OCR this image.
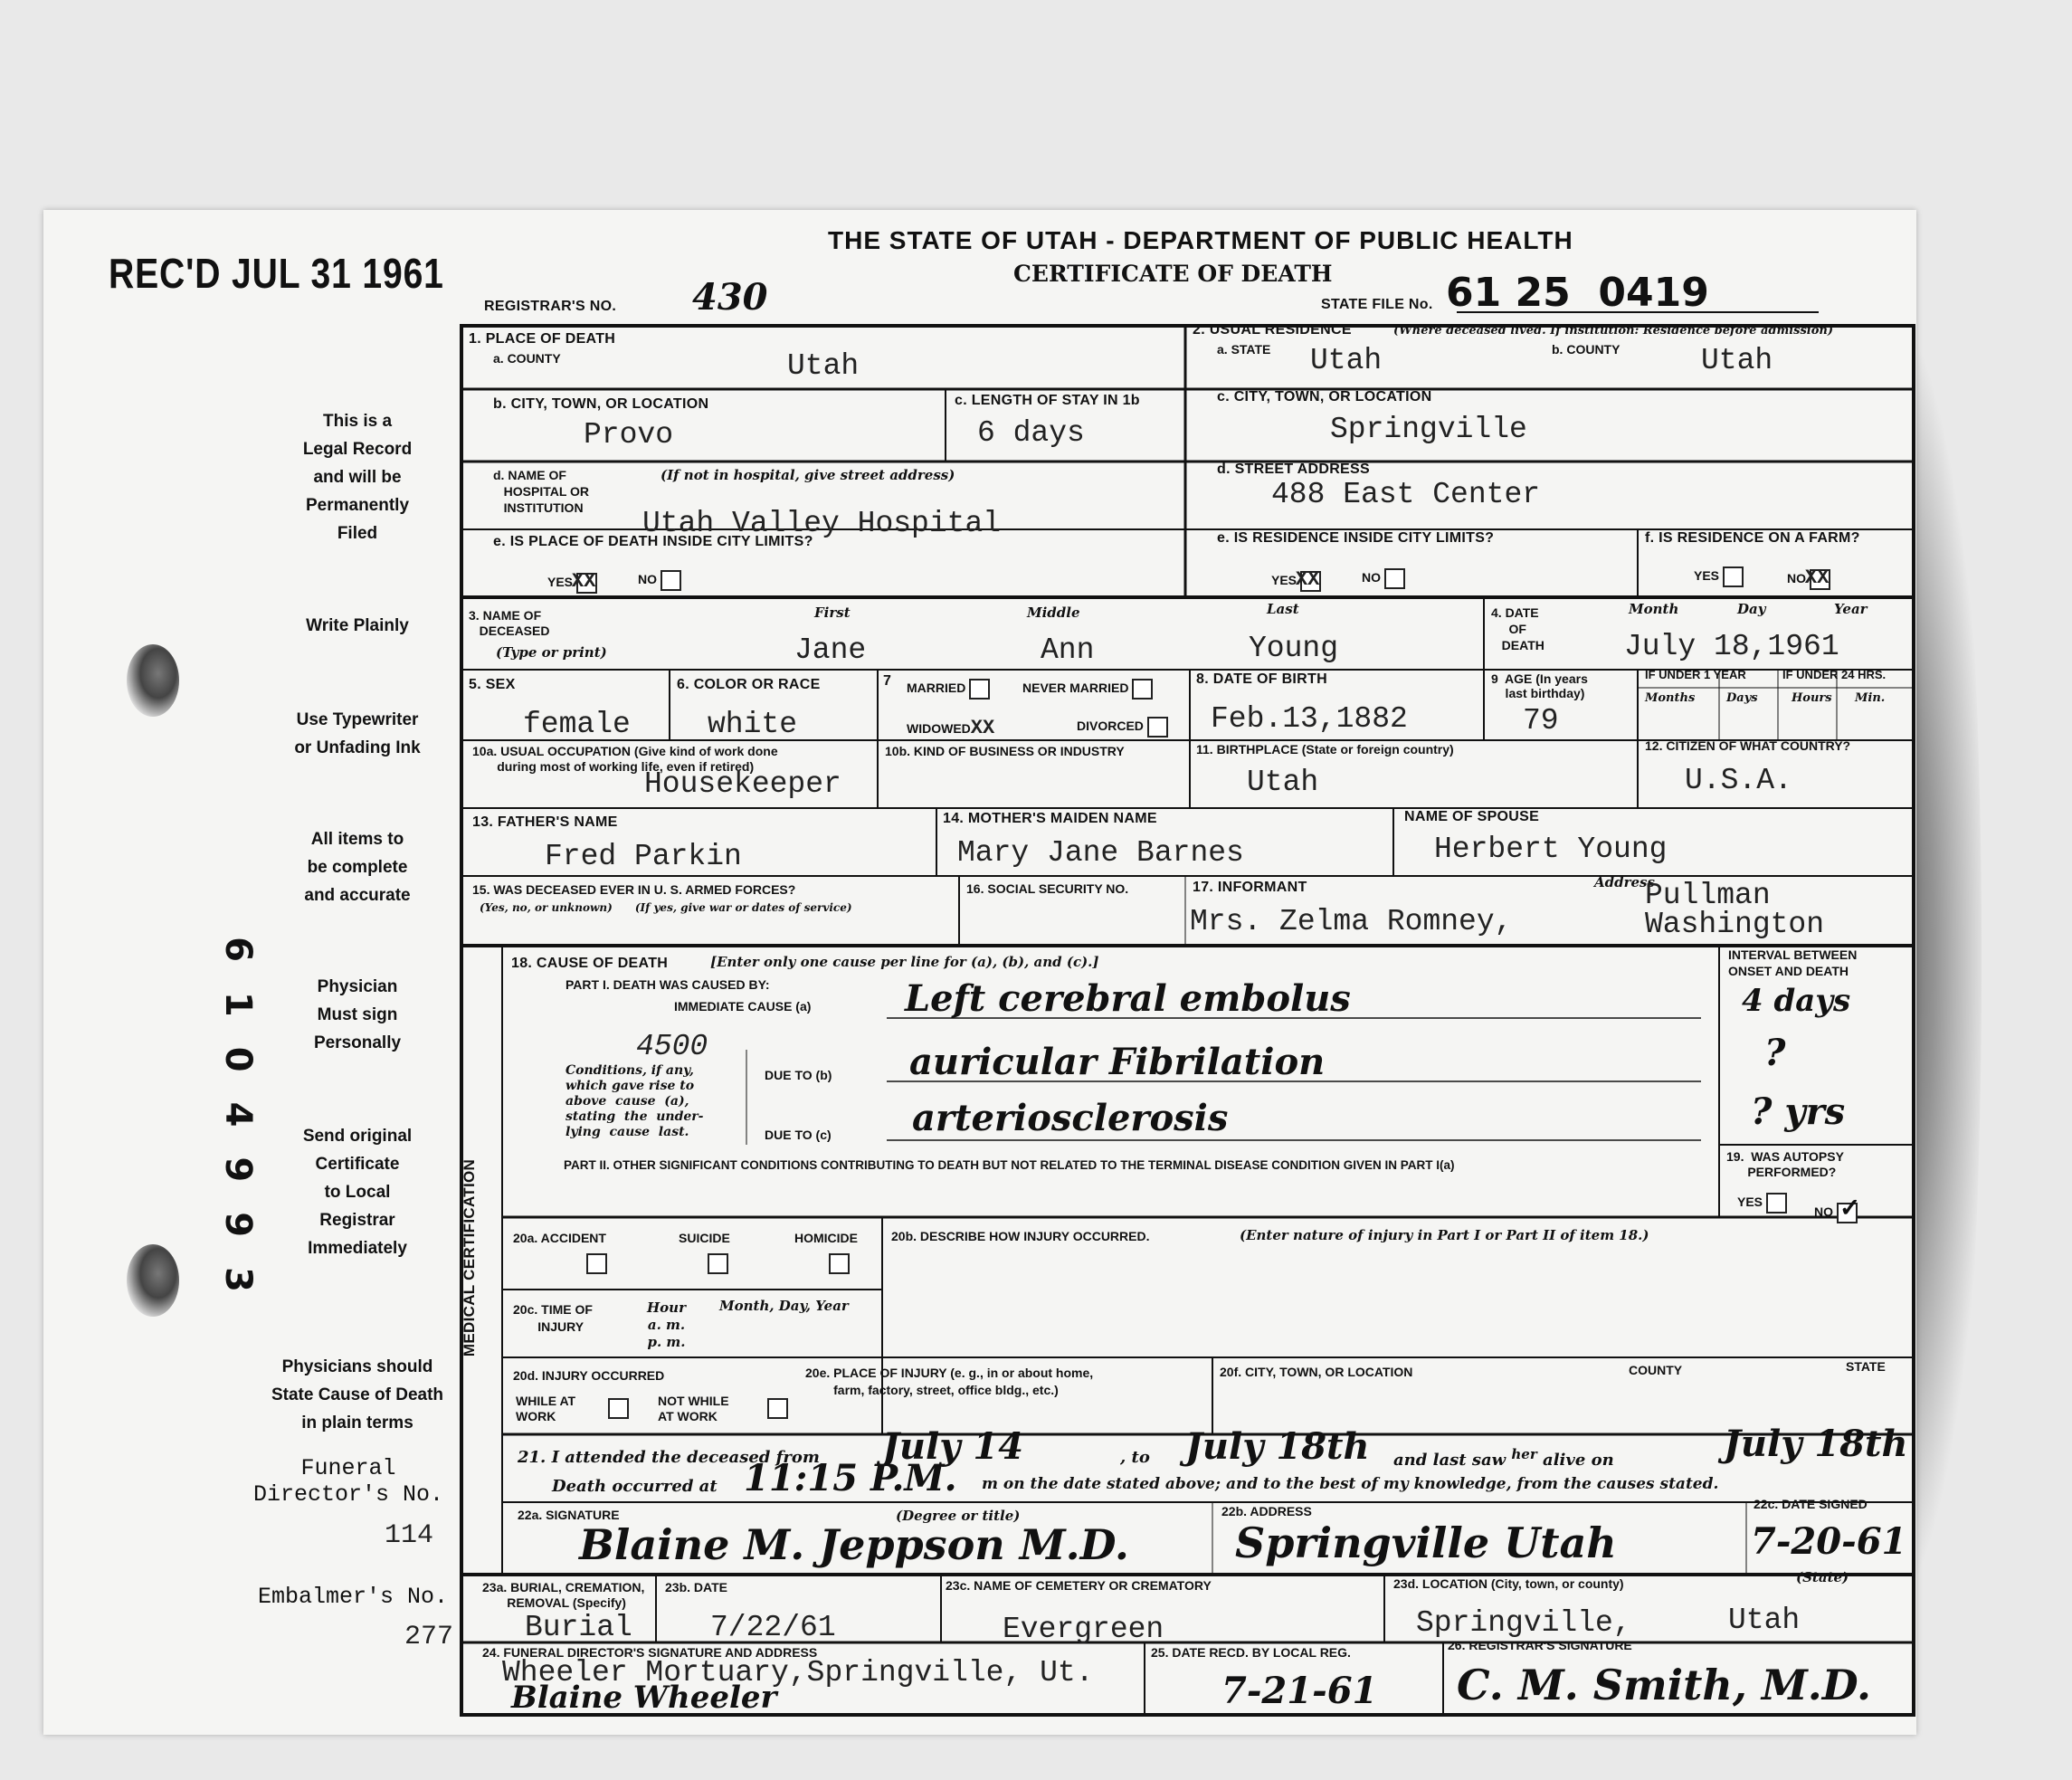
REC'D JUL 31 1961
THE STATE OF UTAH - DEPARTMENT OF PUBLIC HEALTH
CERTIFICATE OF DEATH
REGISTRAR'S NO. 430	STATE FILE No. 61 25  0419
This is a
Legal Record
and will be
Permanently
Filed
Write Plainly
Use Typewriter
or Unfading Ink
All items to
be complete
and accurate
Physician
Must sign
Personally
Send original
Certificate
to Local
Registrar
Immediately
Physicians should
State Cause of Death
in plain terms
Funeral
Director's No.
114
Embalmer's No.
277
6104993
1. PLACE OF DEATH
a. COUNTY	Utah
2. USUAL RESIDENCE	(Where deceased lived. If institution: Residence before admission)
a. STATE Utah	b. COUNTY	Utah
b. CITY, TOWN, OR LOCATION
Provo
c. LENGTH OF STAY IN 1b
6 days
c. CITY, TOWN, OR LOCATION
Springville
d. NAME OF
HOSPITAL OR
INSTITUTION
(If not in hospital, give street address)
Utah Valley Hospital
d. STREET ADDRESS
488 East Center
e. IS PLACE OF DEATH INSIDE CITY LIMITS?
YES XX	NO
e. IS RESIDENCE INSIDE CITY LIMITS?
YES XX	NO
f. IS RESIDENCE ON A FARM?
YES	NO XX
3. NAME OF
DECEASED
(Type or print)
First	Middle	Last
Jane	Ann	Young
4. DATE
OF
DEATH
Month	Day	Year
July 18,1961
5. SEX
female
6. COLOR OR RACE
white
7 MARRIED	NEVER MARRIED
WIDOWEDXX	DIVORCED
8. DATE OF BIRTH
Feb.13,1882
9  AGE (In years
last birthday)
79
IF UNDER 1 YEAR	IF UNDER 24 HRS.
Months	Days	Hours Min.
10a. USUAL OCCUPATION (Give kind of work done
during most of working life, even if retired)
Housekeeper
10b. KIND OF BUSINESS OR INDUSTRY	11. BIRTHPLACE (State or foreign country)
Utah
12. CITIZEN OF WHAT COUNTRY?
U.S.A.
13. FATHER'S NAME
Fred Parkin
14. MOTHER'S MAIDEN NAME
Mary Jane Barnes
NAME OF SPOUSE
Herbert Young
15. WAS DECEASED EVER IN U. S. ARMED FORCES?
(Yes, no, or unknown)      (If yes, give war or dates of service)
16. SOCIAL SECURITY NO.	17. INFORMANT	Address
Mrs. Zelma Romney,
Pullman
Washington
MEDICAL CERTIFICATION
18. CAUSE OF DEATH	[Enter only one cause per line for (a), (b), and (c).]
PART I. DEATH WAS CAUSED BY:
IMMEDIATE CAUSE (a)	Left cerebral embolus
4500
Conditions, if any,
which gave rise to
above  cause  (a),
stating  the  under-
lying  cause  last.
DUE TO (b) auricular Fibrilation
DUE TO (c) arteriosclerosis
INTERVAL BETWEEN
ONSET AND DEATH
4 days
?
? yrs
PART II. OTHER SIGNIFICANT CONDITIONS CONTRIBUTING TO DEATH BUT NOT RELATED TO THE TERMINAL DISEASE CONDITION GIVEN IN PART I(a)
19.  WAS AUTOPSY
PERFORMED?
YES
NO ✓
20a. ACCIDENT	SUICIDE	HOMICIDE	20b. DESCRIBE HOW INJURY OCCURRED.	(Enter nature of injury in Part I or Part II of item 18.)
20c. TIME OF
INJURY
Hour
a. m.
p. m.
Month, Day, Year
20d. INJURY OCCURRED
WHILE AT
WORK
NOT WHILE
AT WORK
20e. PLACE OF INJURY (e. g., in or about home,
farm, factory, street, office bldg., etc.)
20f. CITY, TOWN, OR LOCATION	COUNTY	STATE
21. I attended the deceased from July 14	, to July 18th and last saw $^{her}$ alive on	July 18th
Death occurred at 11:15 P.M. m on the date stated above; and to the best of my knowledge, from the causes stated.
22a. SIGNATURE	(Degree or title)	22b. ADDRESS	22c. DATE SIGNED
Blaine M. Jeppson M.D.	Springville Utah	7-20-61
23a. BURIAL, CREMATION,
REMOVAL (Specify)
Burial
23b. DATE
7/22/61
23c. NAME OF CEMETERY OR CREMATORY
Evergreen
23d. LOCATION (City, town, or county)	(State)
Springville,	Utah
24. FUNERAL DIRECTOR'S SIGNATURE AND ADDRESS
Wheeler Mortuary,Springville, Ut.
Blaine Wheeler
25. DATE RECD. BY LOCAL REG.
7-21-61
26. REGISTRAR'S SIGNATURE
C. M. Smith, M.D.
